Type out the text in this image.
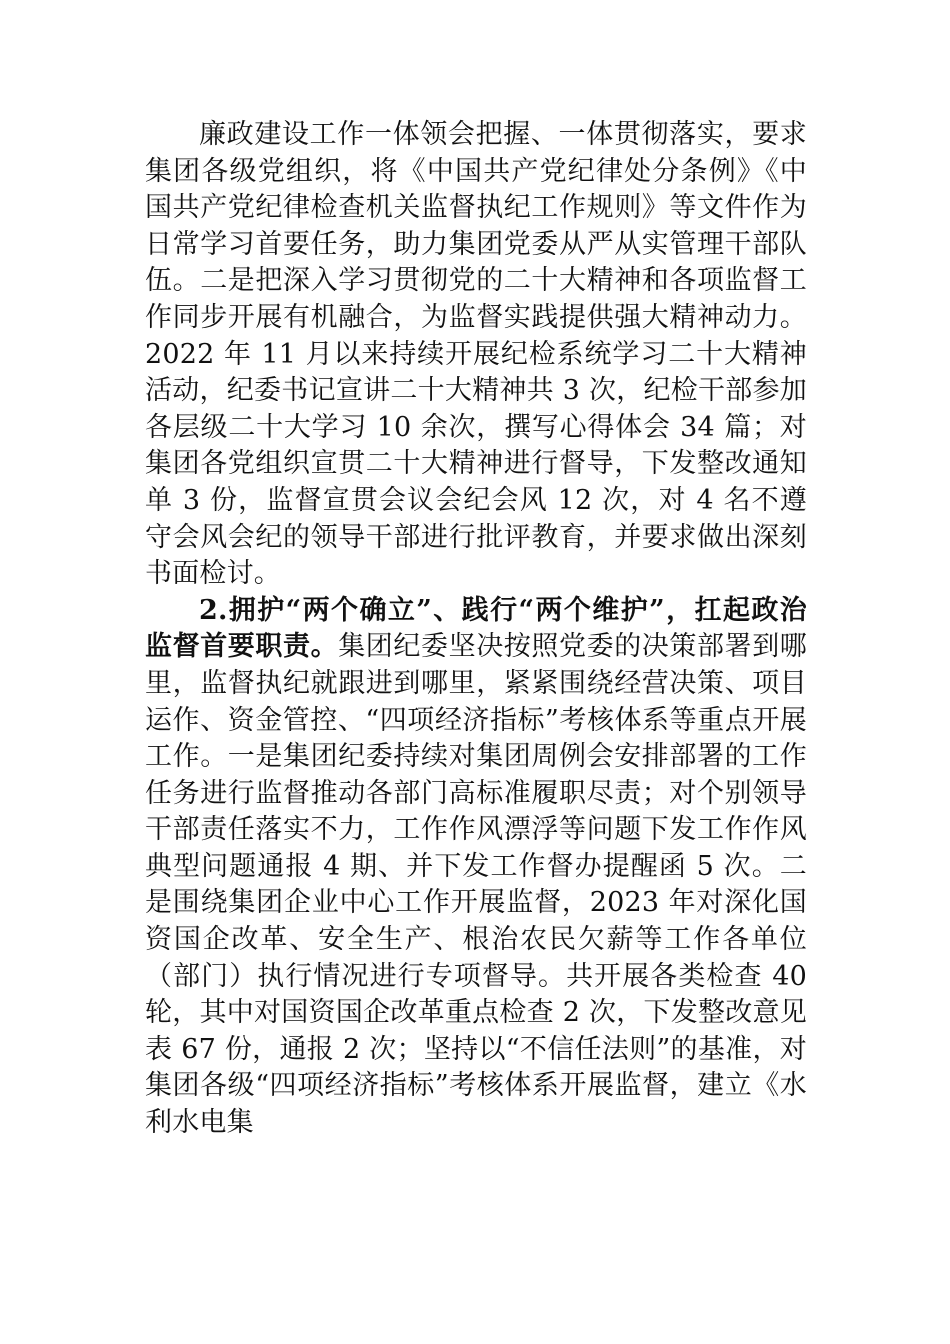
廉政建设工作一体领会把握、一体贯彻落实，要求集团各级党组织，将《中国共产党纪律处分条例》《中国共产党纪律检查机关监督执纪工作规则》等文件作为日常学习首要任务，助力集团党委从严从实管理干部队伍。二是把深入学习贯彻党的二十大精神和各项监督工作同步开展有机融合，为监督实践提供强大精神动力。2022 年 11 月以来持续开展纪检系统学习二十大精神活动，纪委书记宣讲二十大精神共 3 次，纪检干部参加各层级二十大学习 10 余次，撰写心得体会 34 篇；对集团各党组织宣贯二十大精神进行督导，下发整改通知单 3 份，监督宣贯会议会纪会风 12 次，对 4 名不遵守会风会纪的领导干部进行批评教育，并要求做出深刻书面检讨。

2.拥护“两个确立”、践行“两个维护”，扛起政治监督首要职责。集团纪委坚决按照党委的决策部署到哪里，监督执纪就跟进到哪里，紧紧围绕经营决策、项目运作、资金管控、“四项经济指标”考核体系等重点开展工作。一是集团纪委持续对集团周例会安排部署的工作任务进行监督推动各部门高标准履职尽责；对个别领导干部责任落实不力，工作作风漂浮等问题下发工作作风典型问题通报 4 期、并下发工作督办提醒函 5 次。二是围绕集团企业中心工作开展监督，2023 年对深化国资国企改革、安全生产、根治农民欠薪等工作各单位（部门）执行情况进行专项督导。共开展各类检查 40 轮，其中对国资国企改革重点检查 2 次，下发整改意见表 67 份，通报 2 次；坚持以“不信任法则”的基准，对集团各级“四项经济指标”考核体系开展监督，建立《水利水电集
